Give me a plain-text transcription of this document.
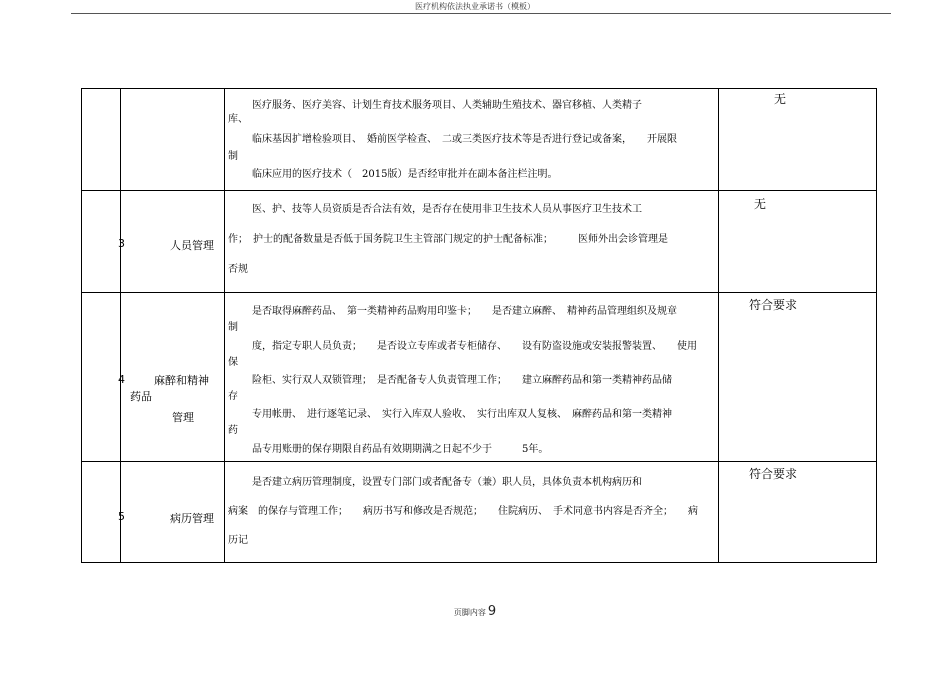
医疗机构依法执业承诺书（模板）
医疗服务、医疗美容、计划生育技术服务项目、人类辅助生殖技术、器官移植、人类精子
库、
临床基因扩增检验项目、　婚前医学检查、　二或三类医疗技术等是否进行登记或备案，　　开展限
制
临床应用的医疗技术（　2015版）是否经审批并在副本备注栏注明。
无
3	人员管理
医、护、技等人员资质是否合法有效，是否存在使用非卫生技术人员从事医疗卫生技术工
作；　护士的配备数量是否低于国务院卫生主管部门规定的护士配备标准；　　　医师外出会诊管理是
否规
无
4	麻醉和精神
药品
管理
是否取得麻醉药品、　第一类精神药品购用印鉴卡；　　是否建立麻醉、　精神药品管理组织及规章
制
度，指定专职人员负责；　　是否设立专库或者专柜储存、　　设有防盗设施或安装报警装置、　　使用
保
险柜、实行双人双锁管理；　是否配备专人负责管理工作；　　建立麻醉药品和第一类精神药品储
存
专用帐册、　进行逐笔记录、　实行入库双人验收、　实行出库双人复核、　麻醉药品和第一类精神
药
品专用账册的保存期限自药品有效期期满之日起不少于　　　5年。
符合要求
5	病历管理
是否建立病历管理制度，设置专门部门或者配备专（兼）职人员，具体负责本机构病历和
病案　的保存与管理工作；　　病历书写和修改是否规范；　　住院病历、　手术同意书内容是否齐全；　　病
历记
符合要求
页脚内容 9
